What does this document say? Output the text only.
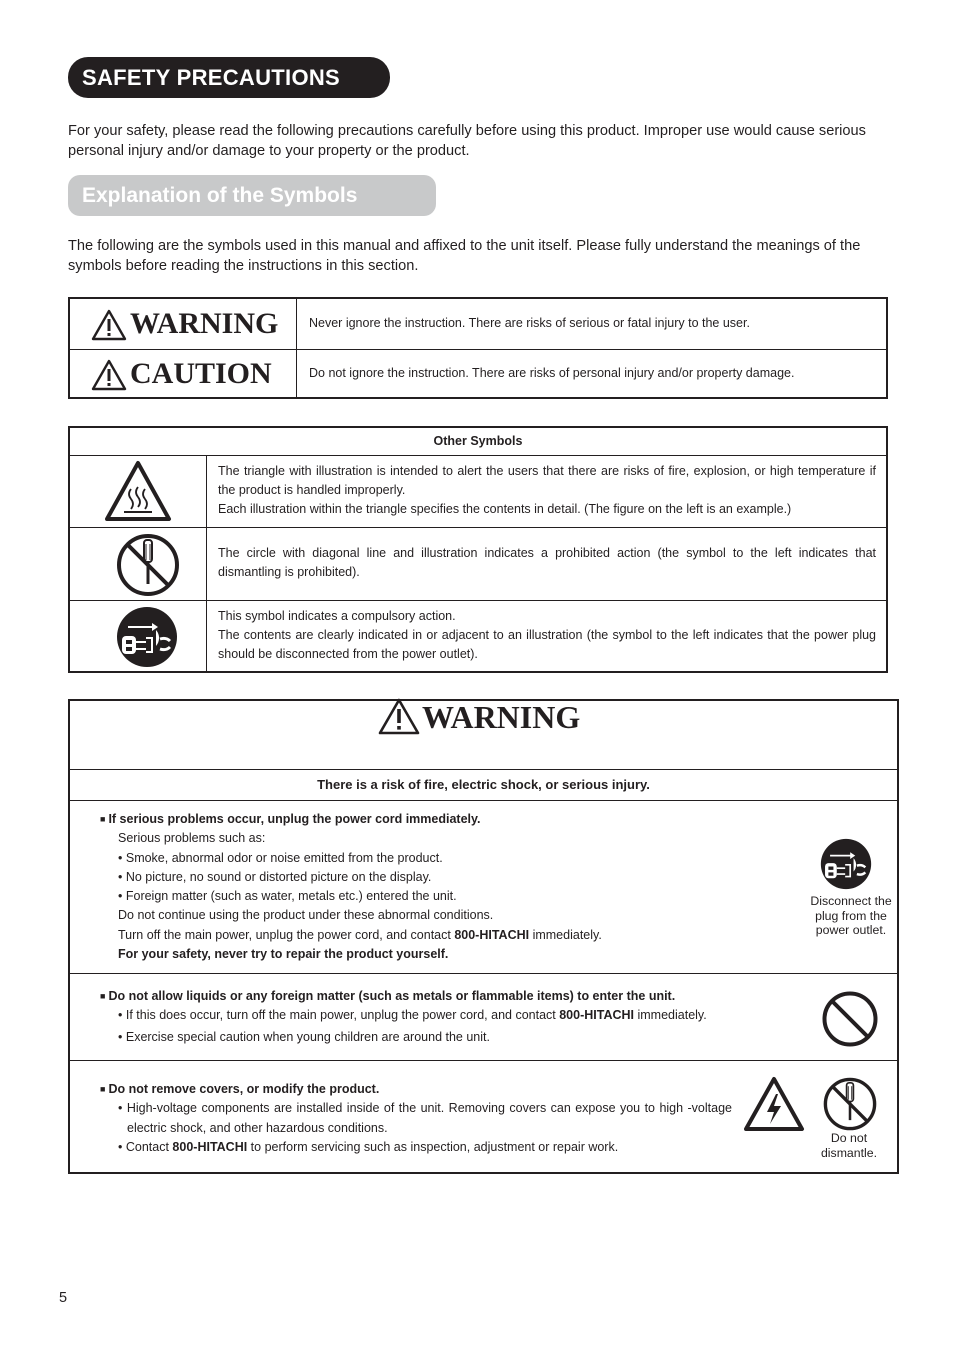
SAFETY PRECAUTIONS

For your safety, please read the following precautions carefully before using this product. Improper use would cause serious personal injury and/or damage to your property or the product.

Explanation of the Symbols

The following are the symbols used in this manual and affixed to the unit itself. Please fully understand the meanings of the symbols before reading the instructions in this section.

WARNING Never ignore the instruction. There are risks of serious or fatal injury to the user.
CAUTION	Do not ignore the instruction. There are risks of personal injury and/or property damage.
Other Symbols
The triangle with illustration is intended to alert the users that there are risks of fire, explosion, or high temperature if the product is handled improperly.
Each illustration within the triangle specifies the contents in detail. (The figure on the left is an example.)
The circle with diagonal line and illustration indicates a prohibited action (the symbol to the left indicates that dismantling is prohibited).
This symbol indicates a compulsory action.
The contents are clearly indicated in or adjacent to an illustration (the symbol to the left indicates that the power plug should be disconnected from the power outlet).
WARNING
There is a risk of fire, electric shock, or serious injury.
■ If serious problems occur, unplug the power cord immediately.
Serious problems such as:
• Smoke, abnormal odor or noise emitted from the product.
• No picture, no sound or distorted picture on the display.
• Foreign matter (such as water, metals etc.) entered the unit.
Do not continue using the product under these abnormal conditions.
Turn off the main power, unplug the power cord, and contact 800-HITACHI immediately.
For your safety, never try to repair the product yourself.
Disconnect the plug from the power outlet.
■ Do not allow liquids or any foreign matter (such as metals or flammable items) to enter the unit.
• If this does occur, turn off the main power, unplug the power cord, and contact 800-HITACHI immediately.
• Exercise special caution when young children are around the unit.
■ Do not remove covers, or modify the product.
• High-voltage components are installed inside of the unit. Removing covers can expose you to high -voltage electric shock, and other hazardous conditions.
• Contact 800-HITACHI to perform servicing such as inspection, adjustment or repair work.
Do not dismantle.
5
